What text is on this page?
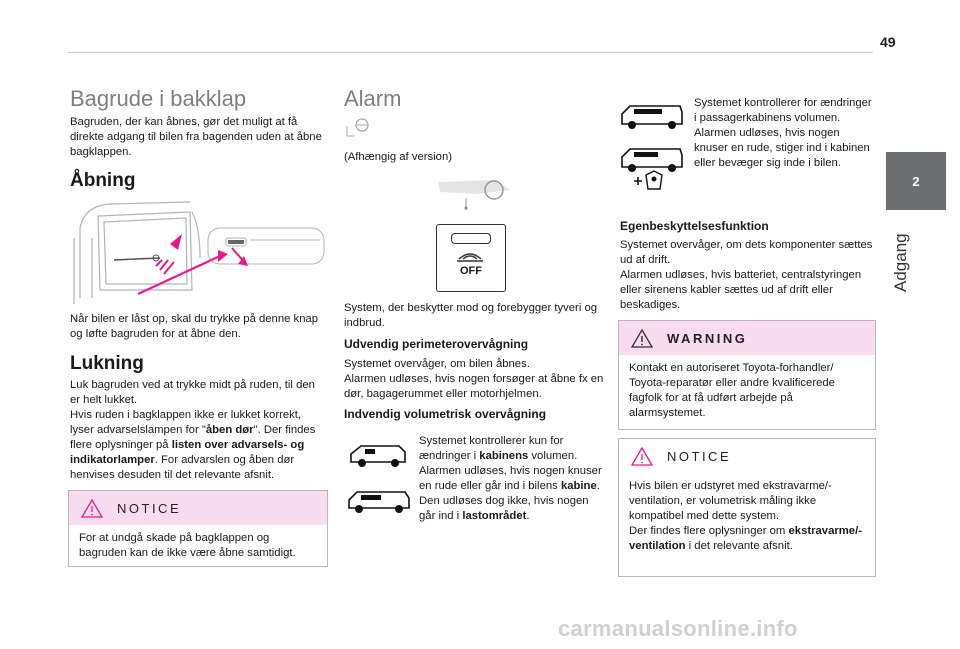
49
2
Adgang
Bagrude i bakklap
Bagruden, der kan åbnes, gør det muligt at få direkte adgang til bilen fra bagenden uden at åbne bagklappen.
Åbning
Når bilen er låst op, skal du trykke på denne knap og løfte bagruden for at åbne den.
Lukning
Luk bagruden ved at trykke midt på ruden, til den er helt lukket.
Hvis ruden i bagklappen ikke er lukket korrekt, lyser advarselslampen for "åben dør". Der findes flere oplysninger på listen over advarsels- og indikatorlamper. For advarslen og åben dør henvises desuden til det relevante afsnit.
NOTICE
For at undgå skade på bagklappen og bagruden kan de ikke være åbne samtidigt.
Alarm
(Afhængig af version)
OFF
System, der beskytter mod og forebygger tyveri og indbrud.
Udvendig perimeterovervågning
Systemet overvåger, om bilen åbnes.
Alarmen udløses, hvis nogen forsøger at åbne fx en dør, bagagerummet eller motorhjelmen.
Indvendig volumetrisk overvågning
Systemet kontrollerer kun for ændringer i kabinens volumen.
Alarmen udløses, hvis nogen knuser en rude eller går ind i bilens kabine. Den udløses dog ikke, hvis nogen går ind i lastområdet.
Systemet kontrollerer for ændringer i passagerkabinens volumen.
Alarmen udløses, hvis nogen knuser en rude, stiger ind i kabinen eller bevæger sig inde i bilen.
Egenbeskyttelsesfunktion
Systemet overvåger, om dets komponenter sættes ud af drift.
Alarmen udløses, hvis batteriet, centralstyringen eller sirenens kabler sættes ud af drift eller beskadiges.
WARNING
Kontakt en autoriseret Toyota-forhandler/ Toyota-reparatør eller andre kvalificerede fagfolk for at få udført arbejde på alarmsystemet.
NOTICE
Hvis bilen er udstyret med ekstravarme/-ventilation, er volumetrisk måling ikke kompatibel med dette system.
Der findes flere oplysninger om ekstravarme/-ventilation i det relevante afsnit.
carmanualsonline.info
